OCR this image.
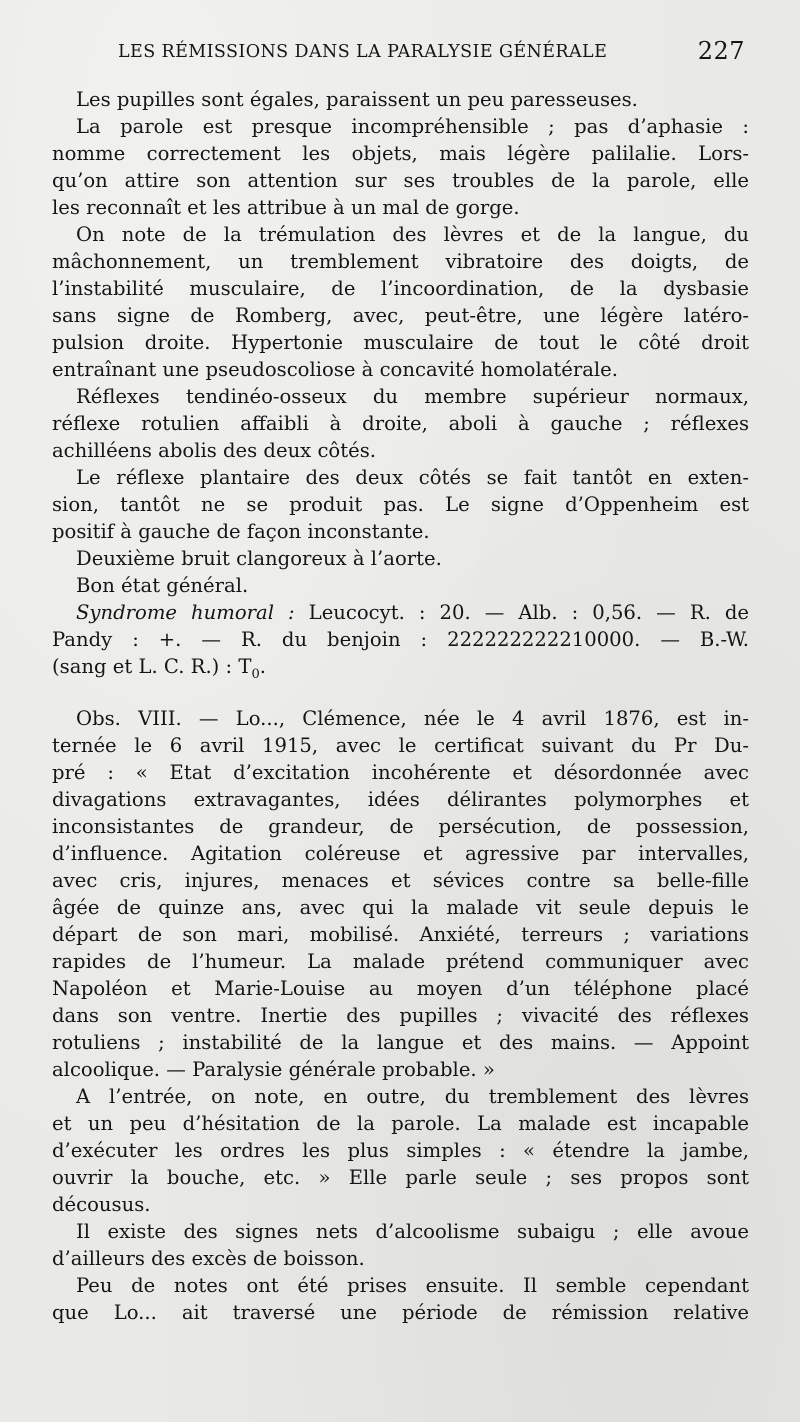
LES RÉMISSIONS DANS LA PARALYSIE GÉNÉRALE	227
Les pupilles sont égales, paraissent un peu paresseuses.
La parole est presque incompréhensible ; pas d’aphasie :
nomme correctement les objets, mais légère palilalie. Lors-
qu’on attire son attention sur ses troubles de la parole, elle
les reconnaît et les attribue à un mal de gorge.
On note de la trémulation des lèvres et de la langue, du
mâchonnement, un tremblement vibratoire des doigts, de
l’instabilité musculaire, de l’incoordination, de la dysbasie
sans signe de Romberg, avec, peut-être, une légère latéro-
pulsion droite. Hypertonie musculaire de tout le côté droit
entraînant une pseudoscoliose à concavité homolatérale.
Réflexes tendinéo-osseux du membre supérieur normaux,
réflexe rotulien affaibli à droite, aboli à gauche ; réflexes
achilléens abolis des deux côtés.
Le réflexe plantaire des deux côtés se fait tantôt en exten-
sion, tantôt ne se produit pas. Le signe d’Oppenheim est
positif à gauche de façon inconstante.
Deuxième bruit clangoreux à l’aorte.
Bon état général.
Syndrome humoral : Leucocyt. : 20. — Alb. : 0,56. — R. de
Pandy : +. — R. du benjoin : 222222222210000. — B.-W.
(sang et L. C. R.) : $T_0$.
Obs. VIII. — Lo..., Clémence, née le 4 avril 1876, est in-
ternée le 6 avril 1915, avec le certificat suivant du Pr Du-
pré : « Etat d’excitation incohérente et désordonnée avec
divagations extravagantes, idées délirantes polymorphes et
inconsistantes de grandeur, de persécution, de possession,
d’influence. Agitation coléreuse et agressive par intervalles,
avec cris, injures, menaces et sévices contre sa belle-fille
âgée de quinze ans, avec qui la malade vit seule depuis le
départ de son mari, mobilisé. Anxiété, terreurs ; variations
rapides de l’humeur. La malade prétend communiquer avec
Napoléon et Marie-Louise au moyen d’un téléphone placé
dans son ventre. Inertie des pupilles ; vivacité des réflexes
rotuliens ; instabilité de la langue et des mains. — Appoint
alcoolique. — Paralysie générale probable. »
A l’entrée, on note, en outre, du tremblement des lèvres
et un peu d’hésitation de la parole. La malade est incapable
d’exécuter les ordres les plus simples : « étendre la jambe,
ouvrir la bouche, etc. » Elle parle seule ; ses propos sont
décousus.
Il existe des signes nets d’alcoolisme subaigu ; elle avoue
d’ailleurs des excès de boisson.
Peu de notes ont été prises ensuite. Il semble cependant
que Lo... ait traversé une période de rémission relative
